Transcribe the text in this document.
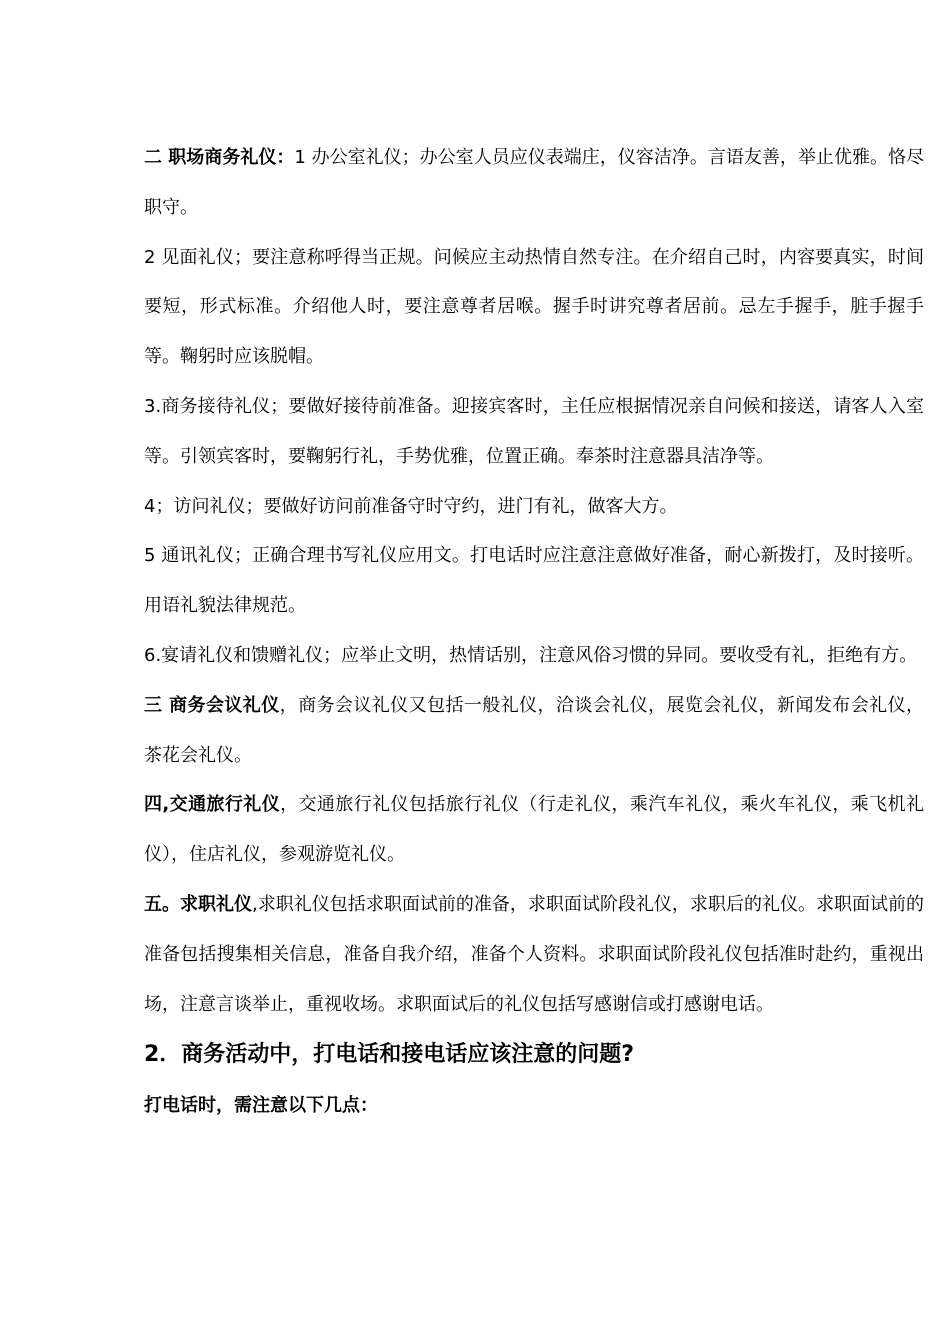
二 职场商务礼仪：1 办公室礼仪；办公室人员应仪表端庄，仪容洁净。言语友善，举止优雅。恪尽职守。

2 见面礼仪；要注意称呼得当正规。问候应主动热情自然专注。在介绍自己时，内容要真实，时间要短，形式标准。介绍他人时，要注意尊者居喉。握手时讲究尊者居前。忌左手握手，脏手握手等。鞠躬时应该脱帽。

3.商务接待礼仪；要做好接待前准备。迎接宾客时，主任应根据情况亲自问候和接送，请客人入室等。引领宾客时，要鞠躬行礼，手势优雅，位置正确。奉茶时注意器具洁净等。

4；访问礼仪；要做好访问前准备守时守约，进门有礼，做客大方。

5 通讯礼仪；正确合理书写礼仪应用文。打电话时应注意注意做好准备，耐心新拨打，及时接听。用语礼貌法律规范。

6.宴请礼仪和馈赠礼仪；应举止文明，热情话别，注意风俗习惯的异同。要收受有礼，拒绝有方。

三 商务会议礼仪，商务会议礼仪又包括一般礼仪，洽谈会礼仪，展览会礼仪，新闻发布会礼仪，茶花会礼仪。

四,交通旅行礼仪，交通旅行礼仪包括旅行礼仪（行走礼仪，乘汽车礼仪，乘火车礼仪，乘飞机礼仪），住店礼仪，参观游览礼仪。

五。求职礼仪,求职礼仪包括求职面试前的准备，求职面试阶段礼仪，求职后的礼仪。求职面试前的准备包括搜集相关信息，准备自我介绍，准备个人资料。求职面试阶段礼仪包括准时赴约，重视出场，注意言谈举止，重视收场。求职面试后的礼仪包括写感谢信或打感谢电话。

2．商务活动中，打电话和接电话应该注意的问题?

打电话时，需注意以下几点：
